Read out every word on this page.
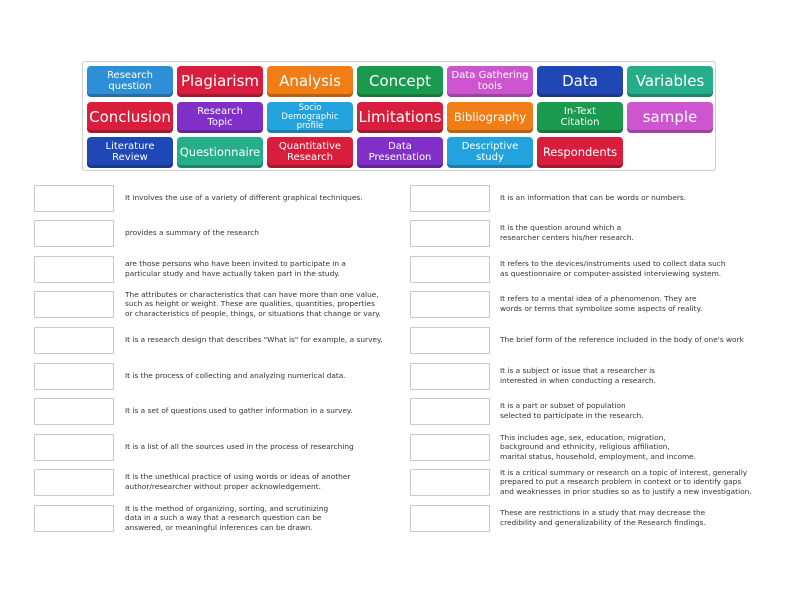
Research
question	Plagiarism	Analysis	Concept	Data Gathering
tools	Data	Variables
Conclusion	Research
Topic
Socio Demographic
profile
Limitations	Bibliography	In-Text
Citation	sample
Literature
Review	Questionnaire	Quantitative
Research
Data
Presentation
Descriptive
study	Respondents
It involves the use of a variety of different graphical techniques.
provides a summary of the research
are those persons who have been invited to participate in a
particular study and have actually taken part in the study.
The attributes or characteristics that can have more than one value,
such as height or weight. These are qualities, quantities, properties
or characteristics of people, things, or situations that change or vary.
It is a research design that describes "What is" for example, a survey.
It is the process of collecting and analyzing numerical data.
It is a set of questions used to gather information in a survey.
It is a list of all the sources used in the process of researching
It is the unethical practice of using words or ideas of another
author/researcher without proper acknowledgement.
It is the method of organizing, sorting, and scrutinizing
data in a such a way that a research question can be
answered, or meaningful inferences can be drawn.
It is an information that can be words or numbers.
It is the question around which a
researcher centers his/her research.
It refers to the devices/instruments used to collect data such
as questionnaire or computer-assisted interviewing system.
It refers to a mental idea of a phenomenon. They are
words or terms that symbolize some aspects of reality.
The brief form of the reference included in the body of one's work
It is a subject or issue that a researcher is
interested in when conducting a research.
It is a part or subset of population
selected to participate in the research.
This includes age, sex, education, migration,
background and ethnicity, religious affiliation,
marital status, household, employment, and income.
It is a critical summary or research on a topic of interest, generally
prepared to put a research problem in context or to identify gaps
and weaknesses in prior studies so as to justify a new investigation.
These are restrictions in a study that may decrease the
credibility and generalizability of the Research findings.
